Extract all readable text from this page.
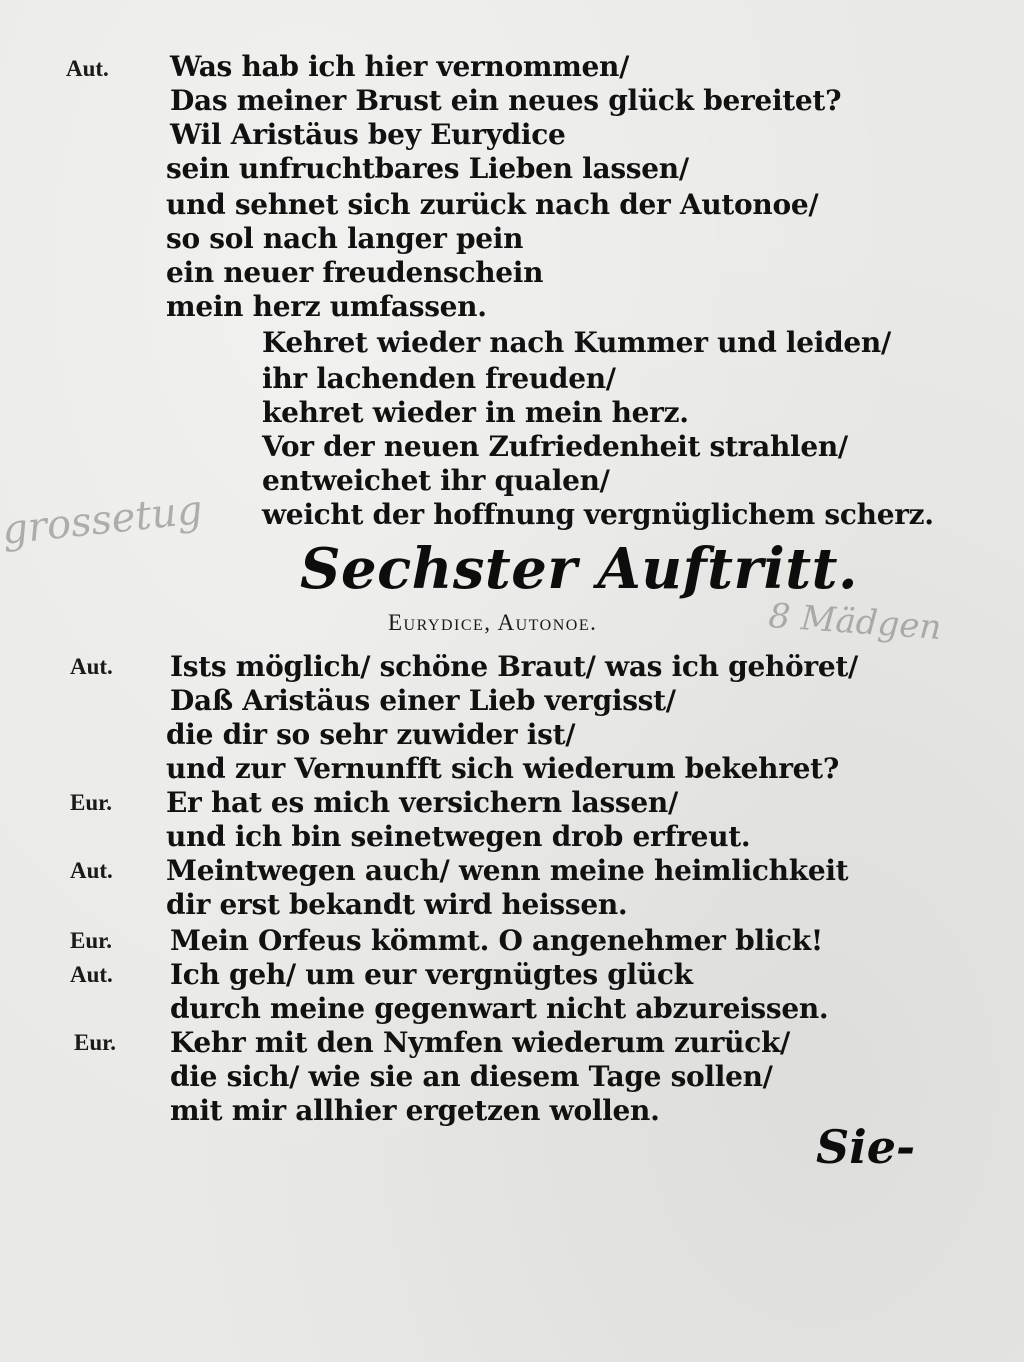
Aut. Was hab ich hier vernommen/
Das meiner Brust ein neues glück bereitet?
Wil Aristäus bey Eurydice
sein unfruchtbares Lieben lassen/
und sehnet sich zurück nach der Autonoe/
so sol nach langer pein
ein neuer freudenschein
mein herz umfassen.
Kehret wieder nach Kummer und leiden/
ihr lachenden freuden/
kehret wieder in mein herz.
Vor der neuen Zufriedenheit strahlen/
entweichet ihr qualen/
weicht der hoffnung vergnüglichem scherz.
grossetug
8 Mädgen
Sechster Auftritt.
Eurydice, Autonoe.
Aut. Ists möglich/ schöne Braut/ was ich gehöret/
Daß Aristäus einer Lieb vergisst/
die dir so sehr zuwider ist/
und zur Vernunfft sich wiederum bekehret?
Eur. Er hat es mich versichern lassen/
und ich bin seinetwegen drob erfreut.
Aut. Meintwegen auch/ wenn meine heimlichkeit
dir erst bekandt wird heissen.
Eur. Mein Orfeus kömmt. O angenehmer blick!
Aut. Ich geh/ um eur vergnügtes glück
durch meine gegenwart nicht abzureissen.
Eur. Kehr mit den Nymfen wiederum zurück/
die sich/ wie sie an diesem Tage sollen/
mit mir allhier ergetzen wollen.
Sie-
